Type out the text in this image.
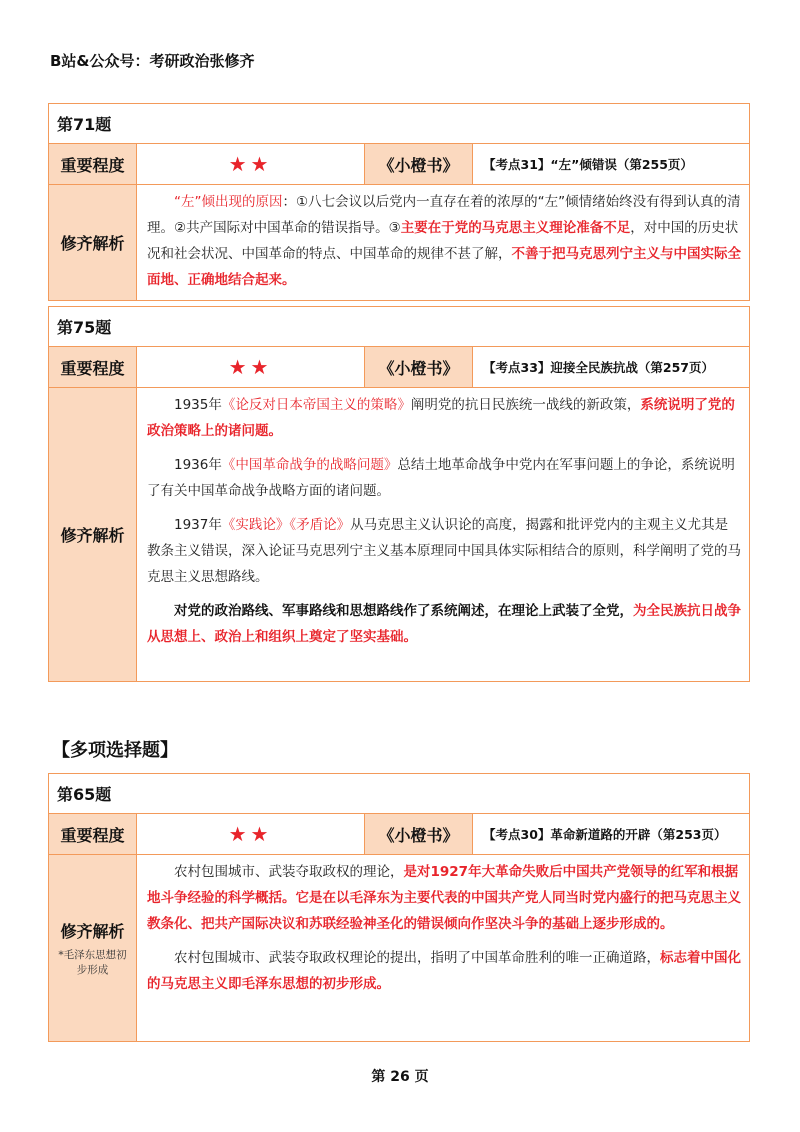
B站&公众号：考研政治张修齐
第71题
重要程度	★★	《小橙书》	【考点31】“左”倾错误（第255页）
修齐解析

“左”倾出现的原因：①八七会议以后党内一直存在着的浓厚的“左”倾情绪始终没有得到认真的清理。②共产国际对中国革命的错误指导。③主要在于党的马克思主义理论准备不足，对中国的历史状况和社会状况、中国革命的特点、中国革命的规律不甚了解，不善于把马克思列宁主义与中国实际全面地、正确地结合起来。

第75题
重要程度	★★	《小橙书》	【考点33】迎接全民族抗战（第257页）
修齐解析

1935年《论反对日本帝国主义的策略》阐明党的抗日民族统一战线的新政策，系统说明了党的政治策略上的诸问题。

1936年《中国革命战争的战略问题》总结土地革命战争中党内在军事问题上的争论，系统说明了有关中国革命战争战略方面的诸问题。

1937年《实践论》《矛盾论》从马克思主义认识论的高度，揭露和批评党内的主观主义尤其是教条主义错误，深入论证马克思列宁主义基本原理同中国具体实际相结合的原则，科学阐明了党的马克思主义思想路线。

对党的政治路线、军事路线和思想路线作了系统阐述，在理论上武装了全党，为全民族抗日战争从思想上、政治上和组织上奠定了坚实基础。

【多项选择题】
第65题
重要程度	★★	《小橙书》	【考点30】革命新道路的开辟（第253页）
修齐解析
*毛泽东思想初步形成

农村包围城市、武装夺取政权的理论，是对1927年大革命失败后中国共产党领导的红军和根据地斗争经验的科学概括。它是在以毛泽东为主要代表的中国共产党人同当时党内盛行的把马克思主义教条化、把共产国际决议和苏联经验神圣化的错误倾向作坚决斗争的基础上逐步形成的。

农村包围城市、武装夺取政权理论的提出，指明了中国革命胜利的唯一正确道路，标志着中国化的马克思主义即毛泽东思想的初步形成。

第 26 页
